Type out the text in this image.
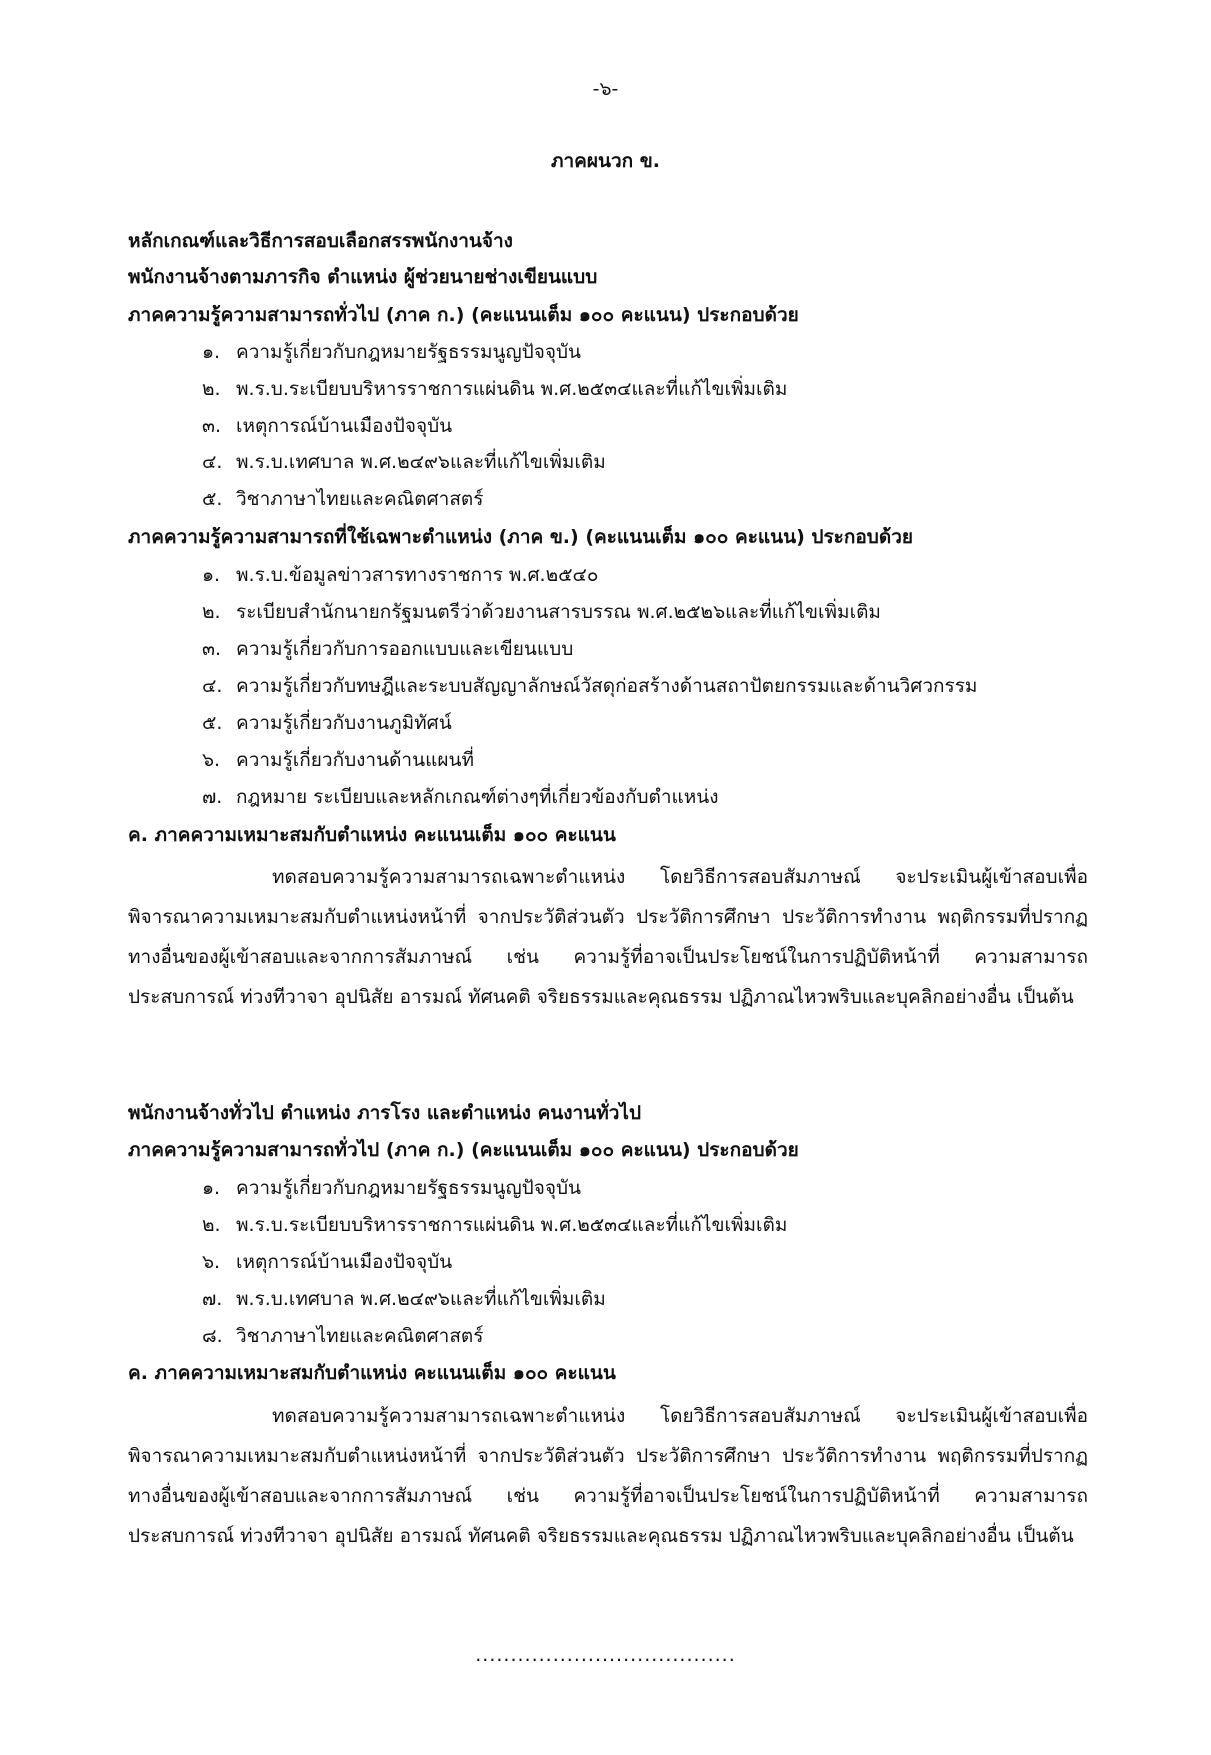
-๖-
ภาคผนวก ข.
หลักเกณฑ์และวิธีการสอบเลือกสรรพนักงานจ้าง
พนักงานจ้างตามภารกิจ ตำแหน่ง ผู้ช่วยนายช่างเขียนแบบ
ภาคความรู้ความสามารถทั่วไป (ภาค ก.) (คะแนนเต็ม ๑๐๐ คะแนน) ประกอบด้วย
๑. ความรู้เกี่ยวกับกฎหมายรัฐธรรมนูญปัจจุบัน
๒. พ.ร.บ.ระเบียบบริหารราชการแผ่นดิน พ.ศ.๒๕๓๔และที่แก้ไขเพิ่มเติม
๓. เหตุการณ์บ้านเมืองปัจจุบัน
๔. พ.ร.บ.เทศบาล พ.ศ.๒๔๙๖และที่แก้ไขเพิ่มเติม
๕. วิชาภาษาไทยและคณิตศาสตร์
ภาคความรู้ความสามารถที่ใช้เฉพาะตำแหน่ง (ภาค ข.) (คะแนนเต็ม ๑๐๐ คะแนน) ประกอบด้วย
๑. พ.ร.บ.ข้อมูลข่าวสารทางราชการ พ.ศ.๒๕๔๐
๒. ระเบียบสำนักนายกรัฐมนตรีว่าด้วยงานสารบรรณ พ.ศ.๒๕๒๖และที่แก้ไขเพิ่มเติม
๓. ความรู้เกี่ยวกับการออกแบบและเขียนแบบ
๔. ความรู้เกี่ยวกับทษฎีและระบบสัญญาลักษณ์วัสดุก่อสร้างด้านสถาปัตยกรรมและด้านวิศวกรรม
๕. ความรู้เกี่ยวกับงานภูมิทัศน์
๖. ความรู้เกี่ยวกับงานด้านแผนที่
๗. กฎหมาย ระเบียบและหลักเกณฑ์ต่างๆที่เกี่ยวข้องกับตำแหน่ง
ค. ภาคความเหมาะสมกับตำแหน่ง คะแนนเต็ม ๑๐๐ คะแนน
ทดสอบความรู้ความสามารถเฉพาะตำแหน่ง โดยวิธีการสอบสัมภาษณ์ จะประเมินผู้เข้าสอบเพื่อพิจารณาความเหมาะสมกับตำแหน่งหน้าที่ จากประวัติส่วนตัว ประวัติการศึกษา ประวัติการทำงาน พฤติกรรมที่ปรากฏทางอื่นของผู้เข้าสอบและจากการสัมภาษณ์ เช่น ความรู้ที่อาจเป็นประโยชน์ในการปฏิบัติหน้าที่ ความสามารถ ประสบการณ์ ท่วงทีวาจา อุปนิสัย อารมณ์ ทัศนคติ จริยธรรมและคุณธรรม ปฏิภาณไหวพริบและบุคลิกอย่างอื่น เป็นต้น
พนักงานจ้างทั่วไป ตำแหน่ง ภารโรง และตำแหน่ง คนงานทั่วไป
ภาคความรู้ความสามารถทั่วไป (ภาค ก.) (คะแนนเต็ม ๑๐๐ คะแนน) ประกอบด้วย
๑. ความรู้เกี่ยวกับกฎหมายรัฐธรรมนูญปัจจุบัน
๒. พ.ร.บ.ระเบียบบริหารราชการแผ่นดิน พ.ศ.๒๕๓๔และที่แก้ไขเพิ่มเติม
๖. เหตุการณ์บ้านเมืองปัจจุบัน
๗. พ.ร.บ.เทศบาล พ.ศ.๒๔๙๖และที่แก้ไขเพิ่มเติม
๘. วิชาภาษาไทยและคณิตศาสตร์
ค. ภาคความเหมาะสมกับตำแหน่ง คะแนนเต็ม ๑๐๐ คะแนน
ทดสอบความรู้ความสามารถเฉพาะตำแหน่ง โดยวิธีการสอบสัมภาษณ์ จะประเมินผู้เข้าสอบเพื่อพิจารณาความเหมาะสมกับตำแหน่งหน้าที่ จากประวัติส่วนตัว ประวัติการศึกษา ประวัติการทำงาน พฤติกรรมที่ปรากฏทางอื่นของผู้เข้าสอบและจากการสัมภาษณ์ เช่น ความรู้ที่อาจเป็นประโยชน์ในการปฏิบัติหน้าที่ ความสามารถ ประสบการณ์ ท่วงทีวาจา อุปนิสัย อารมณ์ ทัศนคติ จริยธรรมและคุณธรรม ปฏิภาณไหวพริบและบุคลิกอย่างอื่น เป็นต้น
.....................................
